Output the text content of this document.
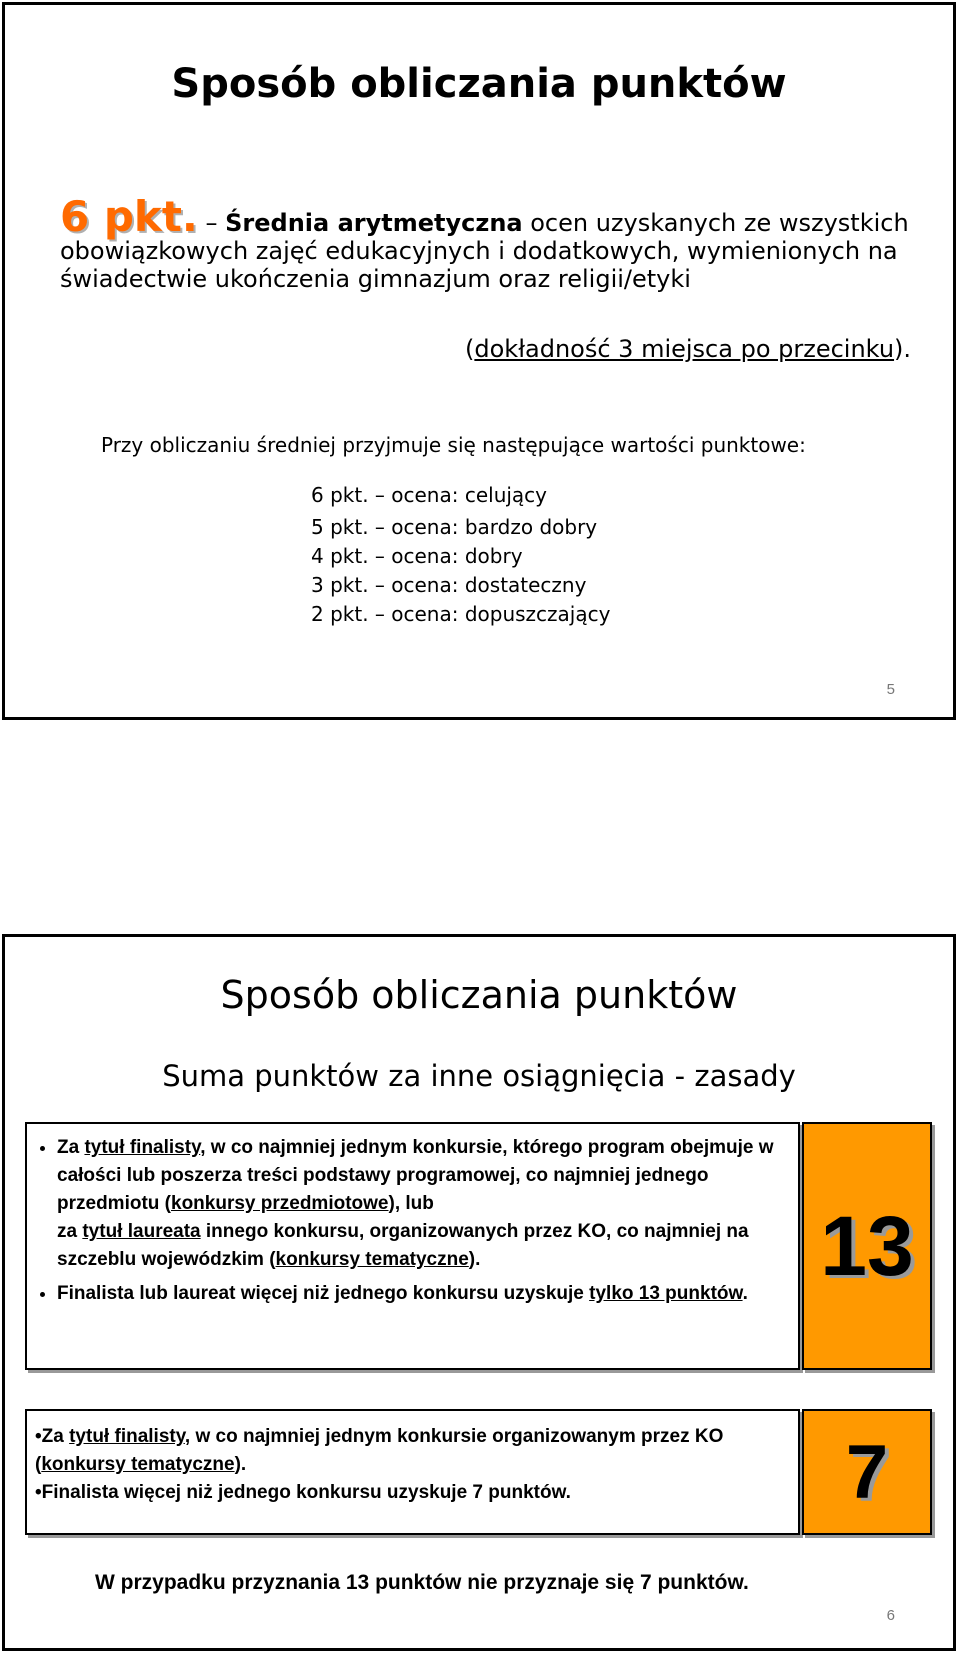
Sposób obliczania punktów
6 pkt. – Średnia arytmetyczna ocen uzyskanych ze wszystkich obowiązkowych zajęć edukacyjnych i dodatkowych, wymienionych na świadectwie ukończenia gimnazjum oraz religii/etyki
(dokładność 3 miejsca po przecinku).
Przy obliczaniu średniej przyjmuje się następujące wartości punktowe:
6 pkt. – ocena: celujący
5 pkt. – ocena: bardzo dobry
4 pkt. – ocena: dobry
3 pkt. – ocena: dostateczny
2 pkt. – ocena: dopuszczający
5
Sposób obliczania punktów
Suma punktów za inne osiągnięcia - zasady
• Za tytuł finalisty, w co najmniej jednym konkursie, którego program obejmuje w całości lub poszerza treści podstawy programowej, co najmniej jednego przedmiotu (konkursy przedmiotowe), lub
za tytuł laureata innego konkursu, organizowanych przez KO, co najmniej na szczeblu wojewódzkim (konkursy tematyczne).
• Finalista lub laureat więcej niż jednego konkursu uzyskuje tylko 13 punktów.
13
•Za tytuł finalisty, w co najmniej jednym konkursie organizowanym przez KO (konkursy tematyczne).
•Finalista więcej niż jednego konkursu uzyskuje 7 punktów.	7
W przypadku przyznania 13 punktów nie przyznaje się 7 punktów.
6
